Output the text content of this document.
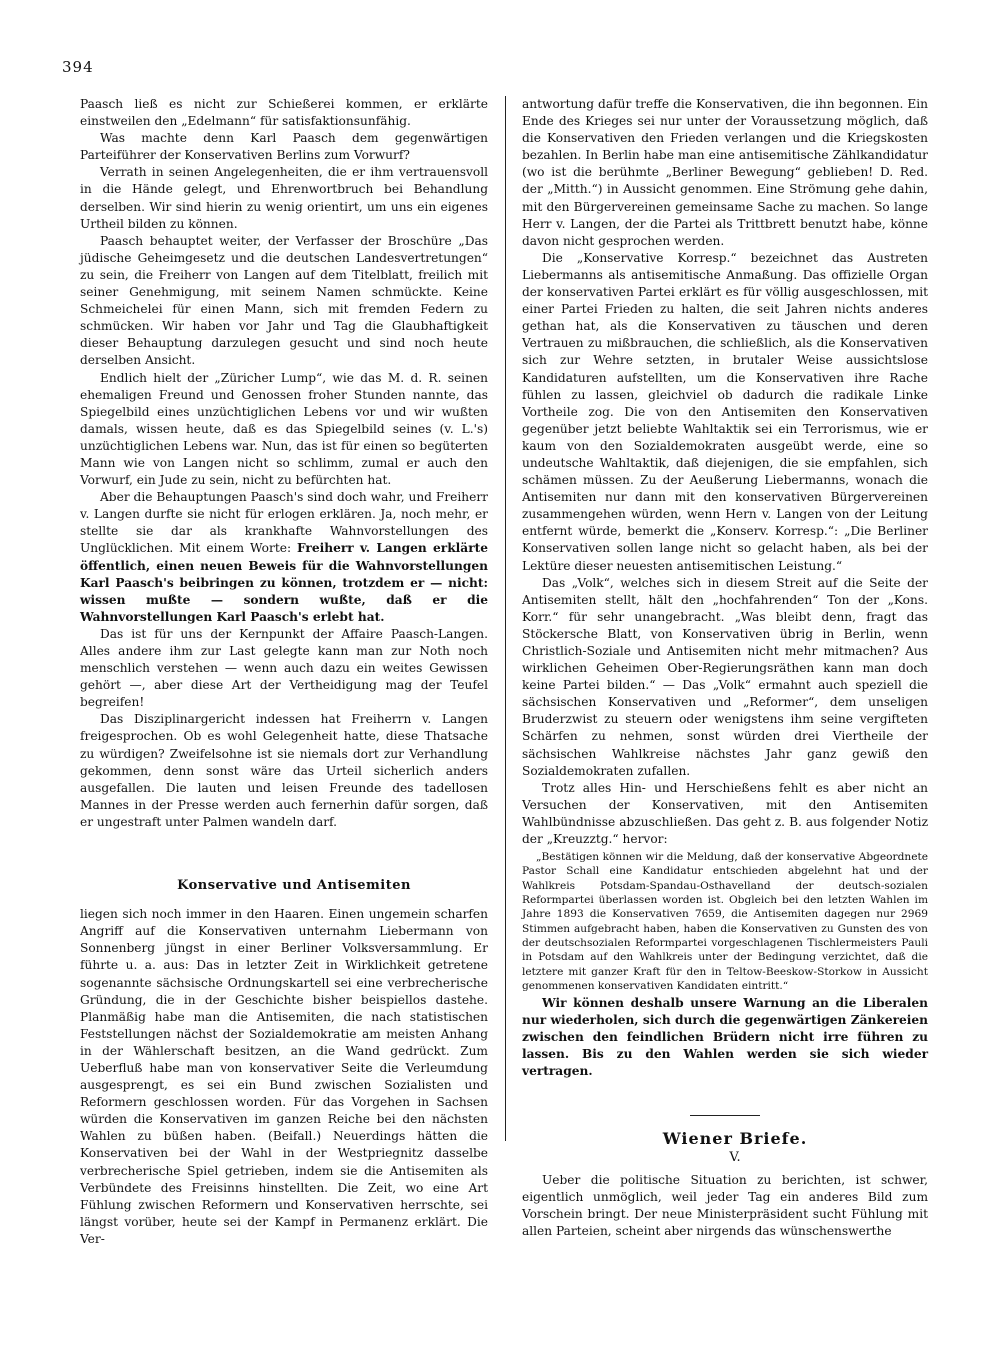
394

Paasch ließ es nicht zur Schießerei kommen, er erklärte einstweilen den „Edelmann“ für satisfaktionsunfähig.

Was machte denn Karl Paasch dem gegenwärtigen Parteiführer der Konservativen Berlins zum Vorwurf?

Verrath in seinen Angelegenheiten, die er ihm vertrauensvoll in die Hände gelegt, und Ehrenwortbruch bei Behandlung derselben. Wir sind hierin zu wenig orientirt, um uns ein eigenes Urtheil bilden zu können.

Paasch behauptet weiter, der Verfasser der Broschüre „Das jüdische Geheimgesetz und die deutschen Landesvertretungen“ zu sein, die Freiherr von Langen auf dem Titelblatt, freilich mit seiner Genehmigung, mit seinem Namen schmückte. Keine Schmeichelei für einen Mann, sich mit fremden Federn zu schmücken. Wir haben vor Jahr und Tag die Glaubhaftigkeit dieser Behauptung darzulegen gesucht und sind noch heute derselben Ansicht.

Endlich hielt der „Züricher Lump“, wie das M. d. R. seinen ehemaligen Freund und Genossen froher Stunden nannte, das Spiegelbild eines unzüchtiglichen Lebens vor und wir wußten damals, wissen heute, daß es das Spiegelbild seines (v. L.'s) unzüchtiglichen Lebens war. Nun, das ist für einen so begüterten Mann wie von Langen nicht so schlimm, zumal er auch den Vorwurf, ein Jude zu sein, nicht zu befürchten hat.

Aber die Behauptungen Paasch's sind doch wahr, und Freiherr v. Langen durfte sie nicht für erlogen erklären. Ja, noch mehr, er stellte sie dar als krankhafte Wahnvorstellungen des Unglücklichen. Mit einem Worte: Freiherr v. Langen erklärte öffentlich, einen neuen Beweis für die Wahnvorstellungen Karl Paasch's beibringen zu können, trotzdem er — nicht: wissen mußte — sondern wußte, daß er die Wahnvorstellungen Karl Paasch's erlebt hat.

Das ist für uns der Kernpunkt der Affaire Paasch-Langen. Alles andere ihm zur Last gelegte kann man zur Noth noch menschlich verstehen — wenn auch dazu ein weites Gewissen gehört —, aber diese Art der Vertheidigung mag der Teufel begreifen!

Das Disziplinargericht indessen hat Freiherrn v. Langen freigesprochen. Ob es wohl Gelegenheit hatte, diese Thatsache zu würdigen? Zweifelsohne ist sie niemals dort zur Verhandlung gekommen, denn sonst wäre das Urteil sicherlich anders ausgefallen. Die lauten und leisen Freunde des tadellosen Mannes in der Presse werden auch fernerhin dafür sorgen, daß er ungestraft unter Palmen wandeln darf.

Konservative und Antisemiten

liegen sich noch immer in den Haaren. Einen ungemein scharfen Angriff auf die Konservativen unternahm Liebermann von Sonnenberg jüngst in einer Berliner Volksversammlung. Er führte u. a. aus: Das in letzter Zeit in Wirklichkeit getretene sogenannte sächsische Ordnungskartell sei eine verbrecherische Gründung, die in der Geschichte bisher beispiellos dastehe. Planmäßig habe man die Antisemiten, die nach statistischen Feststellungen nächst der Sozialdemokratie am meisten Anhang in der Wählerschaft besitzen, an die Wand gedrückt. Zum Ueberfluß habe man von konservativer Seite die Verleumdung ausgesprengt, es sei ein Bund zwischen Sozialisten und Reformern geschlossen worden. Für das Vorgehen in Sachsen würden die Konservativen im ganzen Reiche bei den nächsten Wahlen zu büßen haben. (Beifall.) Neuerdings hätten die Konservativen bei der Wahl in der Westpriegnitz dasselbe verbrecherische Spiel getrieben, indem sie die Antisemiten als Verbündete des Freisinns hinstellten. Die Zeit, wo eine Art Fühlung zwischen Reformern und Konservativen herrschte, sei längst vorüber, heute sei der Kampf in Permanenz erklärt. Die Ver-

antwortung dafür treffe die Konservativen, die ihn begonnen. Ein Ende des Krieges sei nur unter der Voraussetzung möglich, daß die Konservativen den Frieden verlangen und die Kriegskosten bezahlen. In Berlin habe man eine antisemitische Zählkandidatur (wo ist die berühmte „Berliner Bewegung“ geblieben! D. Red. der „Mitth.“) in Aussicht genommen. Eine Strömung gehe dahin, mit den Bürgervereinen gemeinsame Sache zu machen. So lange Herr v. Langen, der die Partei als Trittbrett benutzt habe, könne davon nicht gesprochen werden.

Die „Konservative Korresp.“ bezeichnet das Austreten Liebermanns als antisemitische Anmaßung. Das offizielle Organ der konservativen Partei erklärt es für völlig ausgeschlossen, mit einer Partei Frieden zu halten, die seit Jahren nichts anderes gethan hat, als die Konservativen zu täuschen und deren Vertrauen zu mißbrauchen, die schließlich, als die Konservativen sich zur Wehre setzten, in brutaler Weise aussichtslose Kandidaturen aufstellten, um die Konservativen ihre Rache fühlen zu lassen, gleichviel ob dadurch die radikale Linke Vortheile zog. Die von den Antisemiten den Konservativen gegenüber jetzt beliebte Wahltaktik sei ein Terrorismus, wie er kaum von den Sozialdemokraten ausgeübt werde, eine so undeutsche Wahltaktik, daß diejenigen, die sie empfahlen, sich schämen müssen. Zu der Aeußerung Liebermanns, wonach die Antisemiten nur dann mit den konservativen Bürgervereinen zusammengehen würden, wenn Hern v. Langen von der Leitung entfernt würde, bemerkt die „Konserv. Korresp.“: „Die Berliner Konservativen sollen lange nicht so gelacht haben, als bei der Lektüre dieser neuesten antisemitischen Leistung.“

Das „Volk“, welches sich in diesem Streit auf die Seite der Antisemiten stellt, hält den „hochfahrenden“ Ton der „Kons. Korr.“ für sehr unangebracht. „Was bleibt denn, fragt das Stöckersche Blatt, von Konservativen übrig in Berlin, wenn Christlich-Soziale und Antisemiten nicht mehr mitmachen? Aus wirklichen Geheimen Ober-Regierungsräthen kann man doch keine Partei bilden.“ — Das „Volk“ ermahnt auch speziell die sächsischen Konservativen und „Reformer“, dem unseligen Bruderzwist zu steuern oder wenigstens ihm seine vergifteten Schärfen zu nehmen, sonst würden drei Viertheile der sächsischen Wahlkreise nächstes Jahr ganz gewiß den Sozialdemokraten zufallen.

Trotz alles Hin- und Herschießens fehlt es aber nicht an Versuchen der Konservativen, mit den Antisemiten Wahlbündnisse abzuschließen. Das geht z. B. aus folgender Notiz der „Kreuzztg.“ hervor:

„Bestätigen können wir die Meldung, daß der konservative Abgeordnete Pastor Schall eine Kandidatur entschieden abgelehnt hat und der Wahlkreis Potsdam-Spandau-Osthavelland der deutsch-sozialen Reformpartei überlassen worden ist. Obgleich bei den letzten Wahlen im Jahre 1893 die Konservativen 7659, die Antisemiten dagegen nur 2969 Stimmen aufgebracht haben, haben die Konservativen zu Gunsten des von der deutschsozialen Reformpartei vorgeschlagenen Tischlermeisters Pauli in Potsdam auf den Wahlkreis unter der Bedingung verzichtet, daß die letztere mit ganzer Kraft für den in Teltow-Beeskow-Storkow in Aussicht genommenen konservativen Kandidaten eintritt.“

Wir können deshalb unsere Warnung an die Liberalen nur wiederholen, sich durch die gegenwärtigen Zänkereien zwischen den feindlichen Brüdern nicht irre führen zu lassen. Bis zu den Wahlen werden sie sich wieder vertragen.

Wiener Briefe.

V.

Ueber die politische Situation zu berichten, ist schwer, eigentlich unmöglich, weil jeder Tag ein anderes Bild zum Vorschein bringt. Der neue Ministerpräsident sucht Fühlung mit allen Parteien, scheint aber nirgends das wünschenswerthe
